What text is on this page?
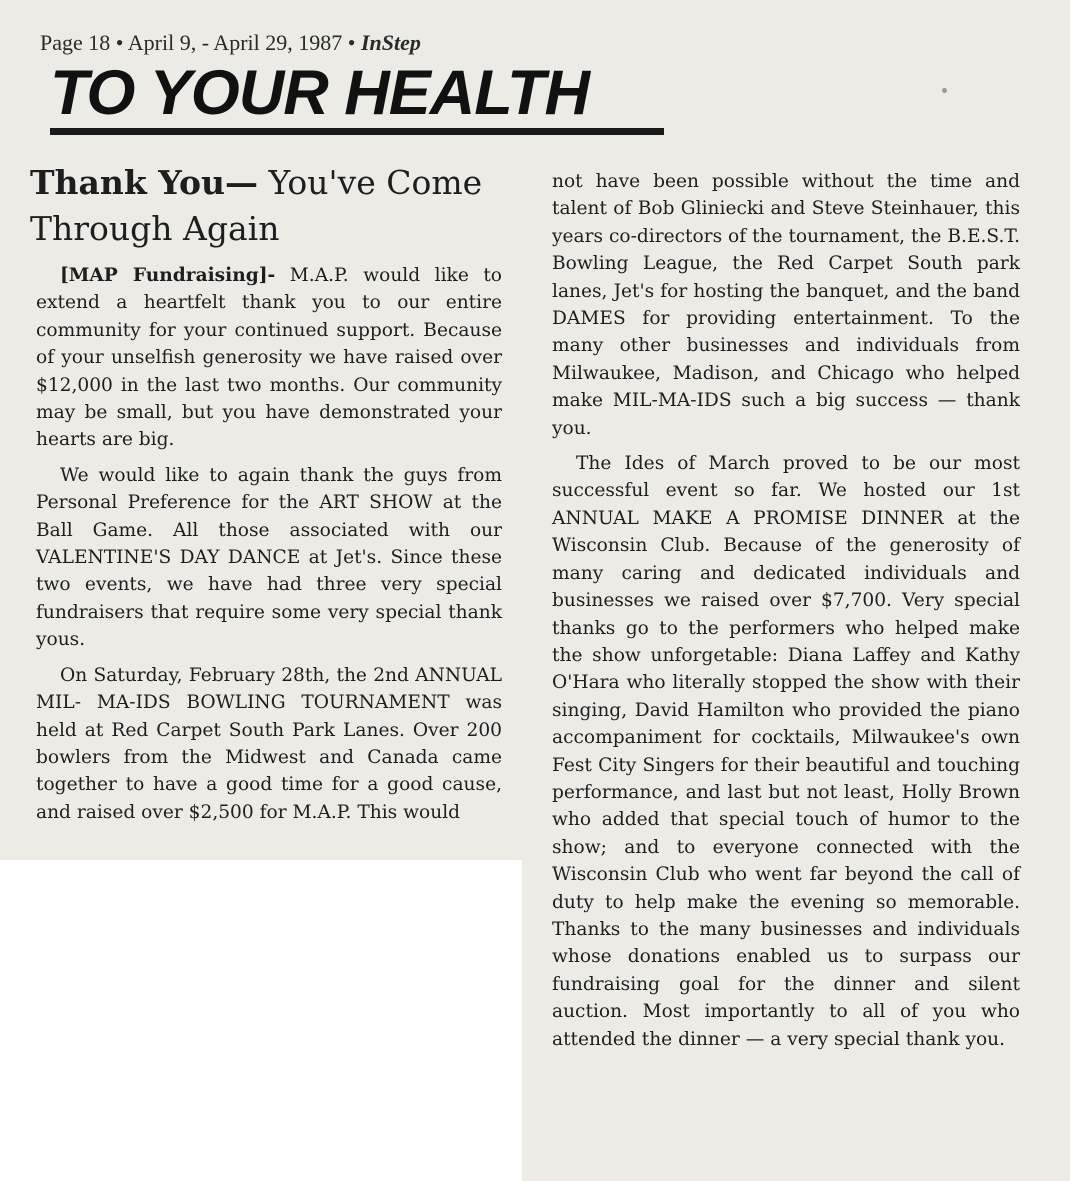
Page 18 • April 9, - April 29, 1987 • InStep
TO YOUR HEALTH
Thank You— You've Come Through Again

[MAP Fundraising]- M.A.P. would like to extend a heartfelt thank you to our entire community for your continued support. Because of your unselfish generosity we have raised over $12,000 in the last two months. Our community may be small, but you have demonstrated your hearts are big.

We would like to again thank the guys from Personal Preference for the ART SHOW at the Ball Game. All those associated with our VALENTINE'S DAY DANCE at Jet's. Since these two events, we have had three very special fundraisers that require some very special thank yous.

On Saturday, February 28th, the 2nd ANNUAL MIL- MA-IDS BOWLING TOURNAMENT was held at Red Carpet South Park Lanes. Over 200 bowlers from the Midwest and Canada came together to have a good time for a good cause, and raised over $2,500 for M.A.P. This would

not have been possible without the time and talent of Bob Gliniecki and Steve Steinhauer, this years co-directors of the tournament, the B.E.S.T. Bowling League, the Red Carpet South park lanes, Jet's for hosting the banquet, and the band DAMES for providing entertainment. To the many other businesses and individuals from Milwaukee, Madison, and Chicago who helped make MIL-MA-IDS such a big success — thank you.

The Ides of March proved to be our most successful event so far. We hosted our 1st ANNUAL MAKE A PROMISE DINNER at the Wisconsin Club. Because of the generosity of many caring and dedicated individuals and businesses we raised over $7,700. Very special thanks go to the performers who helped make the show unforgetable: Diana Laffey and Kathy O'Hara who literally stopped the show with their singing, David Hamilton who provided the piano accompaniment for cocktails, Milwaukee's own Fest City Singers for their beautiful and touching performance, and last but not least, Holly Brown who added that special touch of humor to the show; and to everyone connected with the Wisconsin Club who went far beyond the call of duty to help make the evening so memorable. Thanks to the many businesses and individuals whose donations enabled us to surpass our fundraising goal for the dinner and silent auction. Most importantly to all of you who attended the dinner — a very special thank you.
